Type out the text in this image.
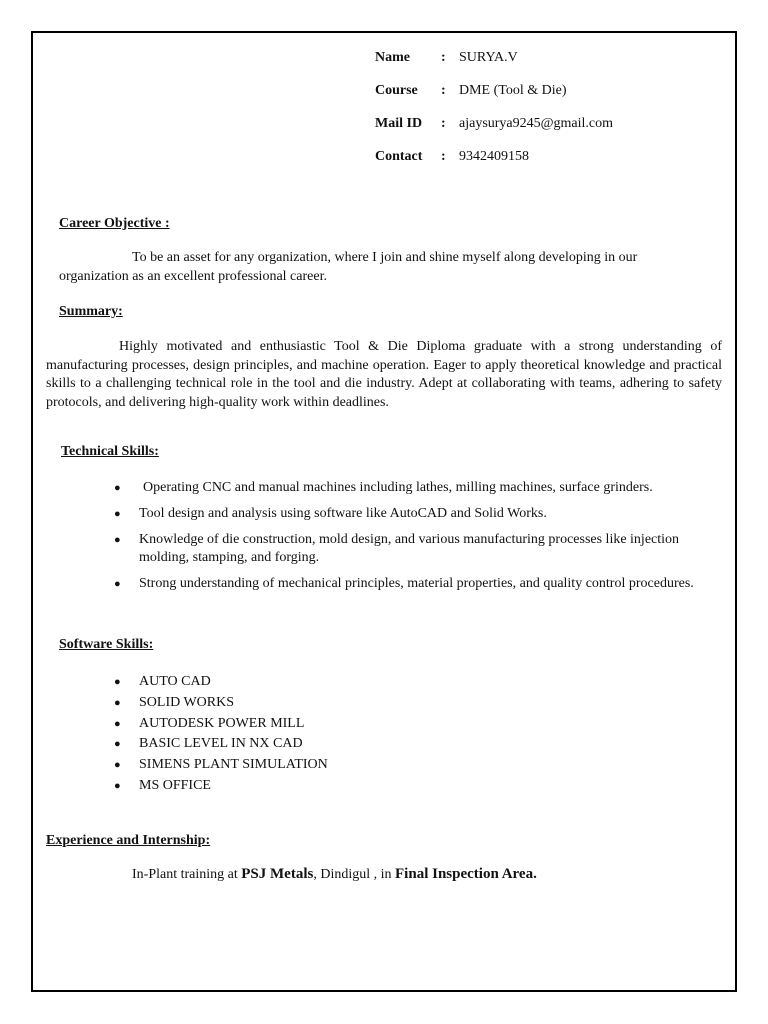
Name	: SURYA.V
Course	: DME (Tool & Die)
Mail ID	: ajaysurya9245@gmail.com
Contact	: 9342409158
Career Objective :
To be an asset for any organization, where I join and shine myself along developing in our organization as an excellent professional career.
Summary:
Highly motivated and enthusiastic Tool & Die Diploma graduate with a strong understanding of manufacturing processes, design principles, and machine operation. Eager to apply theoretical knowledge and practical skills to a challenging technical role in the tool and die industry. Adept at collaborating with teams, adhering to safety protocols, and delivering high-quality work within deadlines.
Technical Skills:
● Operating CNC and manual machines including lathes, milling machines, surface grinders.
● Tool design and analysis using software like AutoCAD and Solid Works.
● Knowledge of die construction, mold design, and various manufacturing processes like injection molding, stamping, and forging.
● Strong understanding of mechanical principles, material properties, and quality control procedures.
Software Skills:
● AUTO CAD
● SOLID WORKS
● AUTODESK POWER MILL
● BASIC LEVEL IN NX CAD
● SIMENS PLANT SIMULATION
● MS OFFICE
Experience and Internship:
In-Plant training at PSJ Metals, Dindigul , in Final Inspection Area.
